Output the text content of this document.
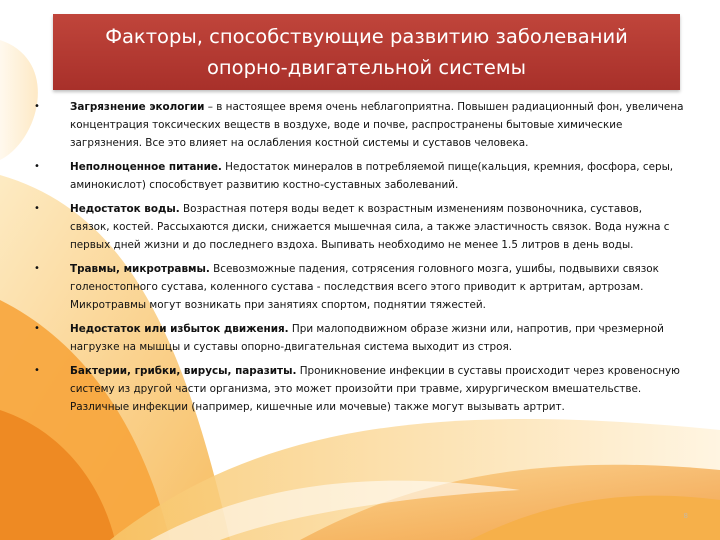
Факторы, способствующие развитию заболеваний
опорно-двигательной системы
•	Загрязнение экологии – в настоящее время очень неблагоприятна. Повышен радиационный фон, увеличена концентрация токсических веществ в воздухе, воде и почве, распространены бытовые химические загрязнения. Все это влияет на ослабления костной системы и суставов человека.
•	Неполноценное питание. Недостаток минералов в потребляемой пище(кальция, кремния, фосфора, серы, аминокислот) способствует развитию костно-суставных заболеваний.
•	Недостаток воды. Возрастная потеря воды ведет к возрастным изменениям позвоночника, суставов, связок, костей. Рассыхаются диски, снижается мышечная сила, а также эластичность связок. Вода нужна с первых дней жизни и до последнего вздоха. Выпивать необходимо не менее 1.5 литров в день воды.
•	Травмы, микротравмы. Всевозможные падения, сотрясения головного мозга, ушибы, подвывихи связок голеностопного сустава, коленного сустава - последствия всего этого приводит к артритам, артрозам. Микротравмы могут возникать при занятиях спортом, поднятии тяжестей.
•	Недостаток или избыток движения. При малоподвижном образе жизни или, напротив, при чрезмерной нагрузке на мышцы и суставы опорно-двигательная система выходит из строя.
•	Бактерии, грибки, вирусы, паразиты. Проникновение инфекции в суставы происходит через кровеносную систему из другой части организма, это может произойти при травме, хирургическом вмешательстве. Различные инфекции (например, кишечные или мочевые) также могут вызывать артрит.
8
